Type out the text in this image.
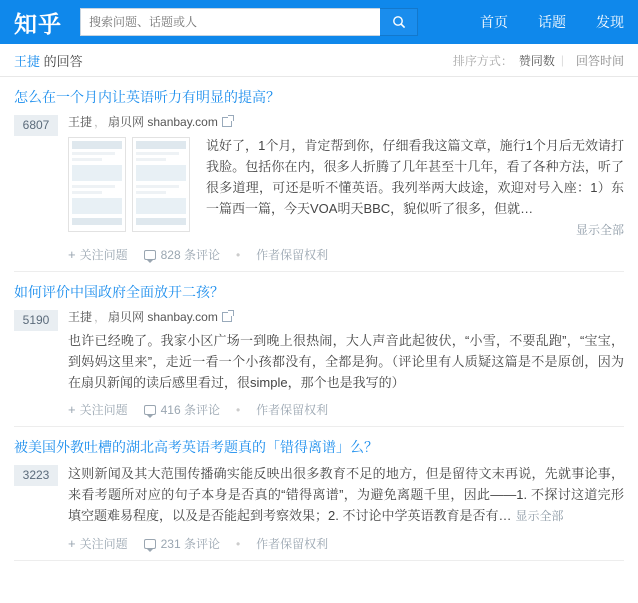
知乎
搜索问题、话题或人	首页 话题 发现
王捷 的回答	排序方式： 赞同数 | 回答时间
怎么在一个月内让英语听力有明显的提高？
6807	王捷 ， 扇贝网 shanbay.com
说好了，1个月，肯定帮到你，仔细看我这篇文章，施行1个月后无效请打我脸。包括你在内，很多人折腾了几年甚至十几年，看了各种方法，听了很多道理，可还是听不懂英语。我列举两大歧途，欢迎对号入座：1）东一篇西一篇，今天VOA明天BBC，貌似听了很多，但就…
显示全部
+ 关注问题	828 条评论 • 作者保留权利
如何评价中国政府全面放开二孩？
5190	王捷 ， 扇贝网 shanbay.com
也许已经晚了。我家小区广场一到晚上很热闹，大人声音此起彼伏，“小雪，不要乱跑”，“宝宝，到妈妈这里来”，走近一看一个小孩都没有，全都是狗。（评论里有人质疑这篇是不是原创，因为在扇贝新闻的读后感里看过，很simple，那个也是我写的）
+ 关注问题	416 条评论 • 作者保留权利
被美国外教吐槽的湖北高考英语考题真的「错得离谱」么？
3223	这则新闻及其大范围传播确实能反映出很多教育不足的地方，但是留待文末再说，先就事论事，来看考题所对应的句子本身是否真的“错得离谱”，为避免离题千里，因此——1. 不探讨这道完形填空题难易程度，以及是否能起到考察效果；2. 不讨论中学英语教育是否有… 显示全部
+ 关注问题	231 条评论 • 作者保留权利
